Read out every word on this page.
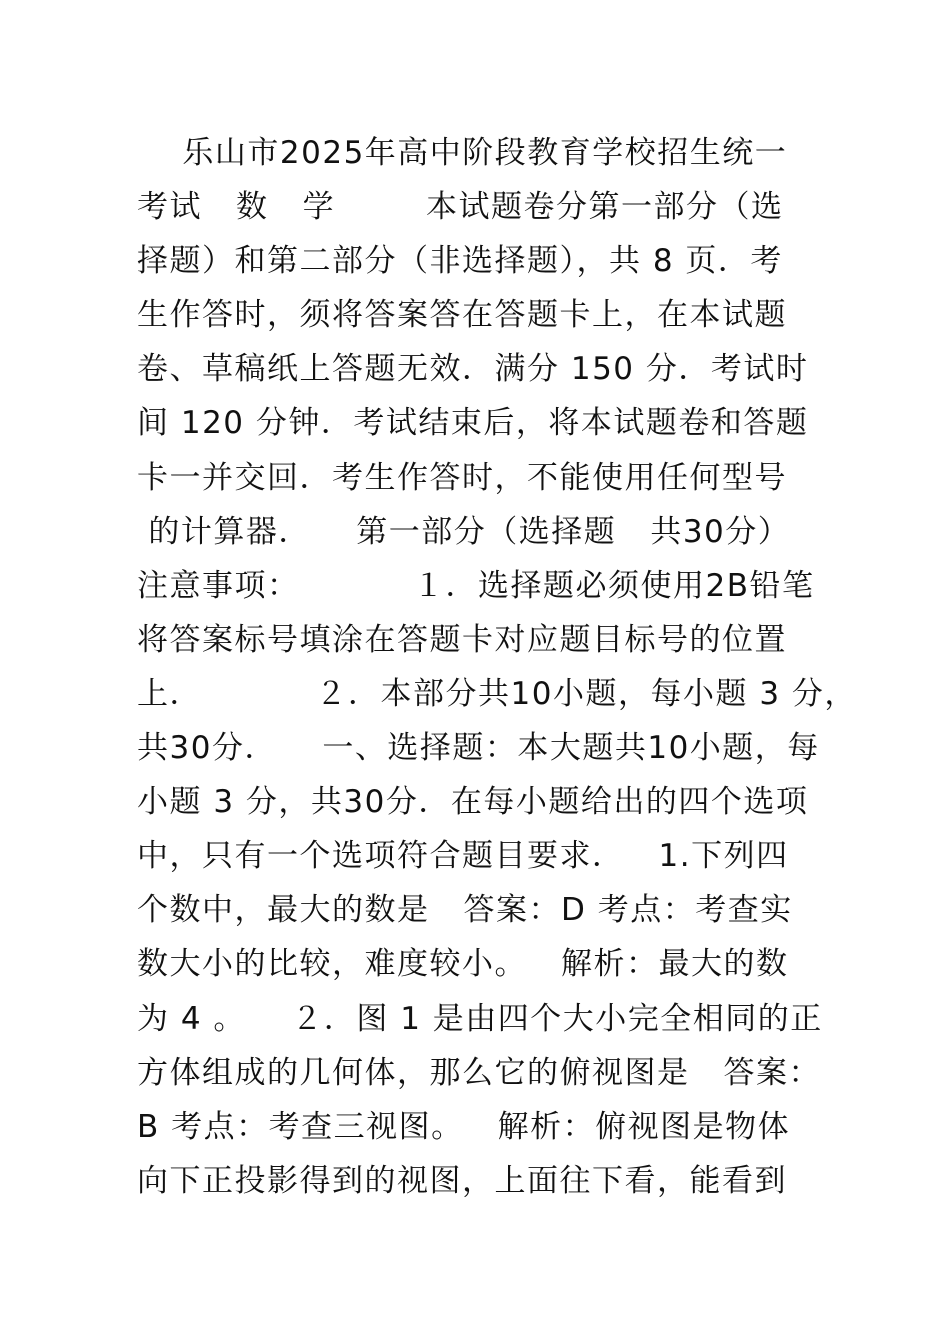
乐山市2025年高中阶段教育学校招生统一
考试   数   学        本试题卷分第一部分（选
择题）和第二部分（非选择题），共 8 页．考
生作答时，须将答案答在答题卡上，在本试题
卷、草稿纸上答题无效．满分 150 分．考试时
间 120 分钟．考试结束后，将本试题卷和答题
卡一并交回．考生作答时，不能使用任何型号
的计算器．    第一部分（选择题   共30分）
注意事项：          １．选择题必须使用2B铅笔
将答案标号填涂在答题卡对应题目标号的位置
上．          ２．本部分共10小题，每小题 3 分，
共30分．    一、选择题：本大题共10小题，每
小题 3 分，共30分．在每小题给出的四个选项
中，只有一个选项符合题目要求．   1.下列四
个数中，最大的数是   答案：D 考点：考查实
数大小的比较，难度较小。   解析：最大的数
为 4 。    ２．图 1 是由四个大小完全相同的正
方体组成的几何体，那么它的俯视图是   答案：
B 考点：考查三视图。   解析：俯视图是物体
向下正投影得到的视图，上面往下看，能看到
